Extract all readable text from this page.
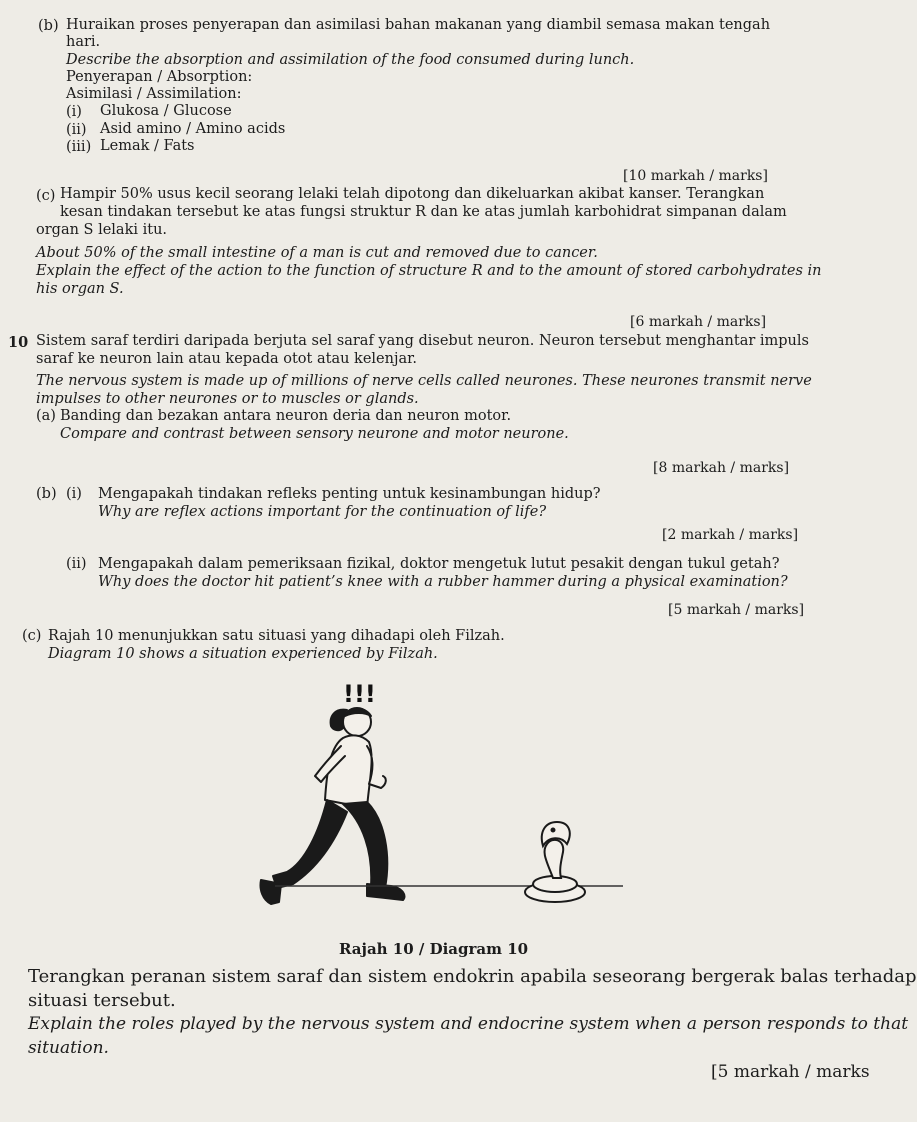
(b) Huraikan proses penyerapan dan asimilasi bahan makanan yang diambil semasa makan tengah
hari.
Describe the absorption and assimilation of the food consumed during lunch.
Penyerapan / Absorption:
Asimilasi / Assimilation:
(i) Glukosa / Glucose
(ii) Asid amino / Amino acids
(iii) Lemak / Fats
[10 markah / marks]
(c) Hampir 50% usus kecil seorang lelaki telah dipotong dan dikeluarkan akibat kanser. Terangkan
kesan tindakan tersebut ke atas fungsi struktur R dan ke atas jumlah karbohidrat simpanan dalam
organ S lelaki itu.
About 50% of the small intestine of a man is cut and removed due to cancer.
Explain the effect of the action to the function of structure R and to the amount of stored carbohydrates in
his organ S.
[6 markah / marks]
10 Sistem saraf terdiri daripada berjuta sel saraf yang disebut neuron. Neuron tersebut menghantar impuls
saraf ke neuron lain atau kepada otot atau kelenjar.
The nervous system is made up of millions of nerve cells called neurones. These neurones transmit nerve
impulses to other neurones or to muscles or glands.
(a) Banding dan bezakan antara neuron deria dan neuron motor.
Compare and contrast between sensory neurone and motor neurone.
[8 markah / marks]
(b) (i) Mengapakah tindakan refleks penting untuk kesinambungan hidup?
Why are reflex actions important for the continuation of life?
[2 markah / marks]
(ii) Mengapakah dalam pemeriksaan fizikal, doktor mengetuk lutut pesakit dengan tukul getah?
Why does the doctor hit patient’s knee with a rubber hammer during a physical examination?
[5 markah / marks]
(c) Rajah 10 menunjukkan satu situasi yang dihadapi oleh Filzah.
Diagram 10 shows a situation experienced by Filzah.
!!!
Rajah 10 / Diagram 10
Terangkan peranan sistem saraf dan sistem endokrin apabila seseorang bergerak balas terhadap
situasi tersebut.
Explain the roles played by the nervous system and endocrine system when a person responds to that
situation.
[5 markah / marks
